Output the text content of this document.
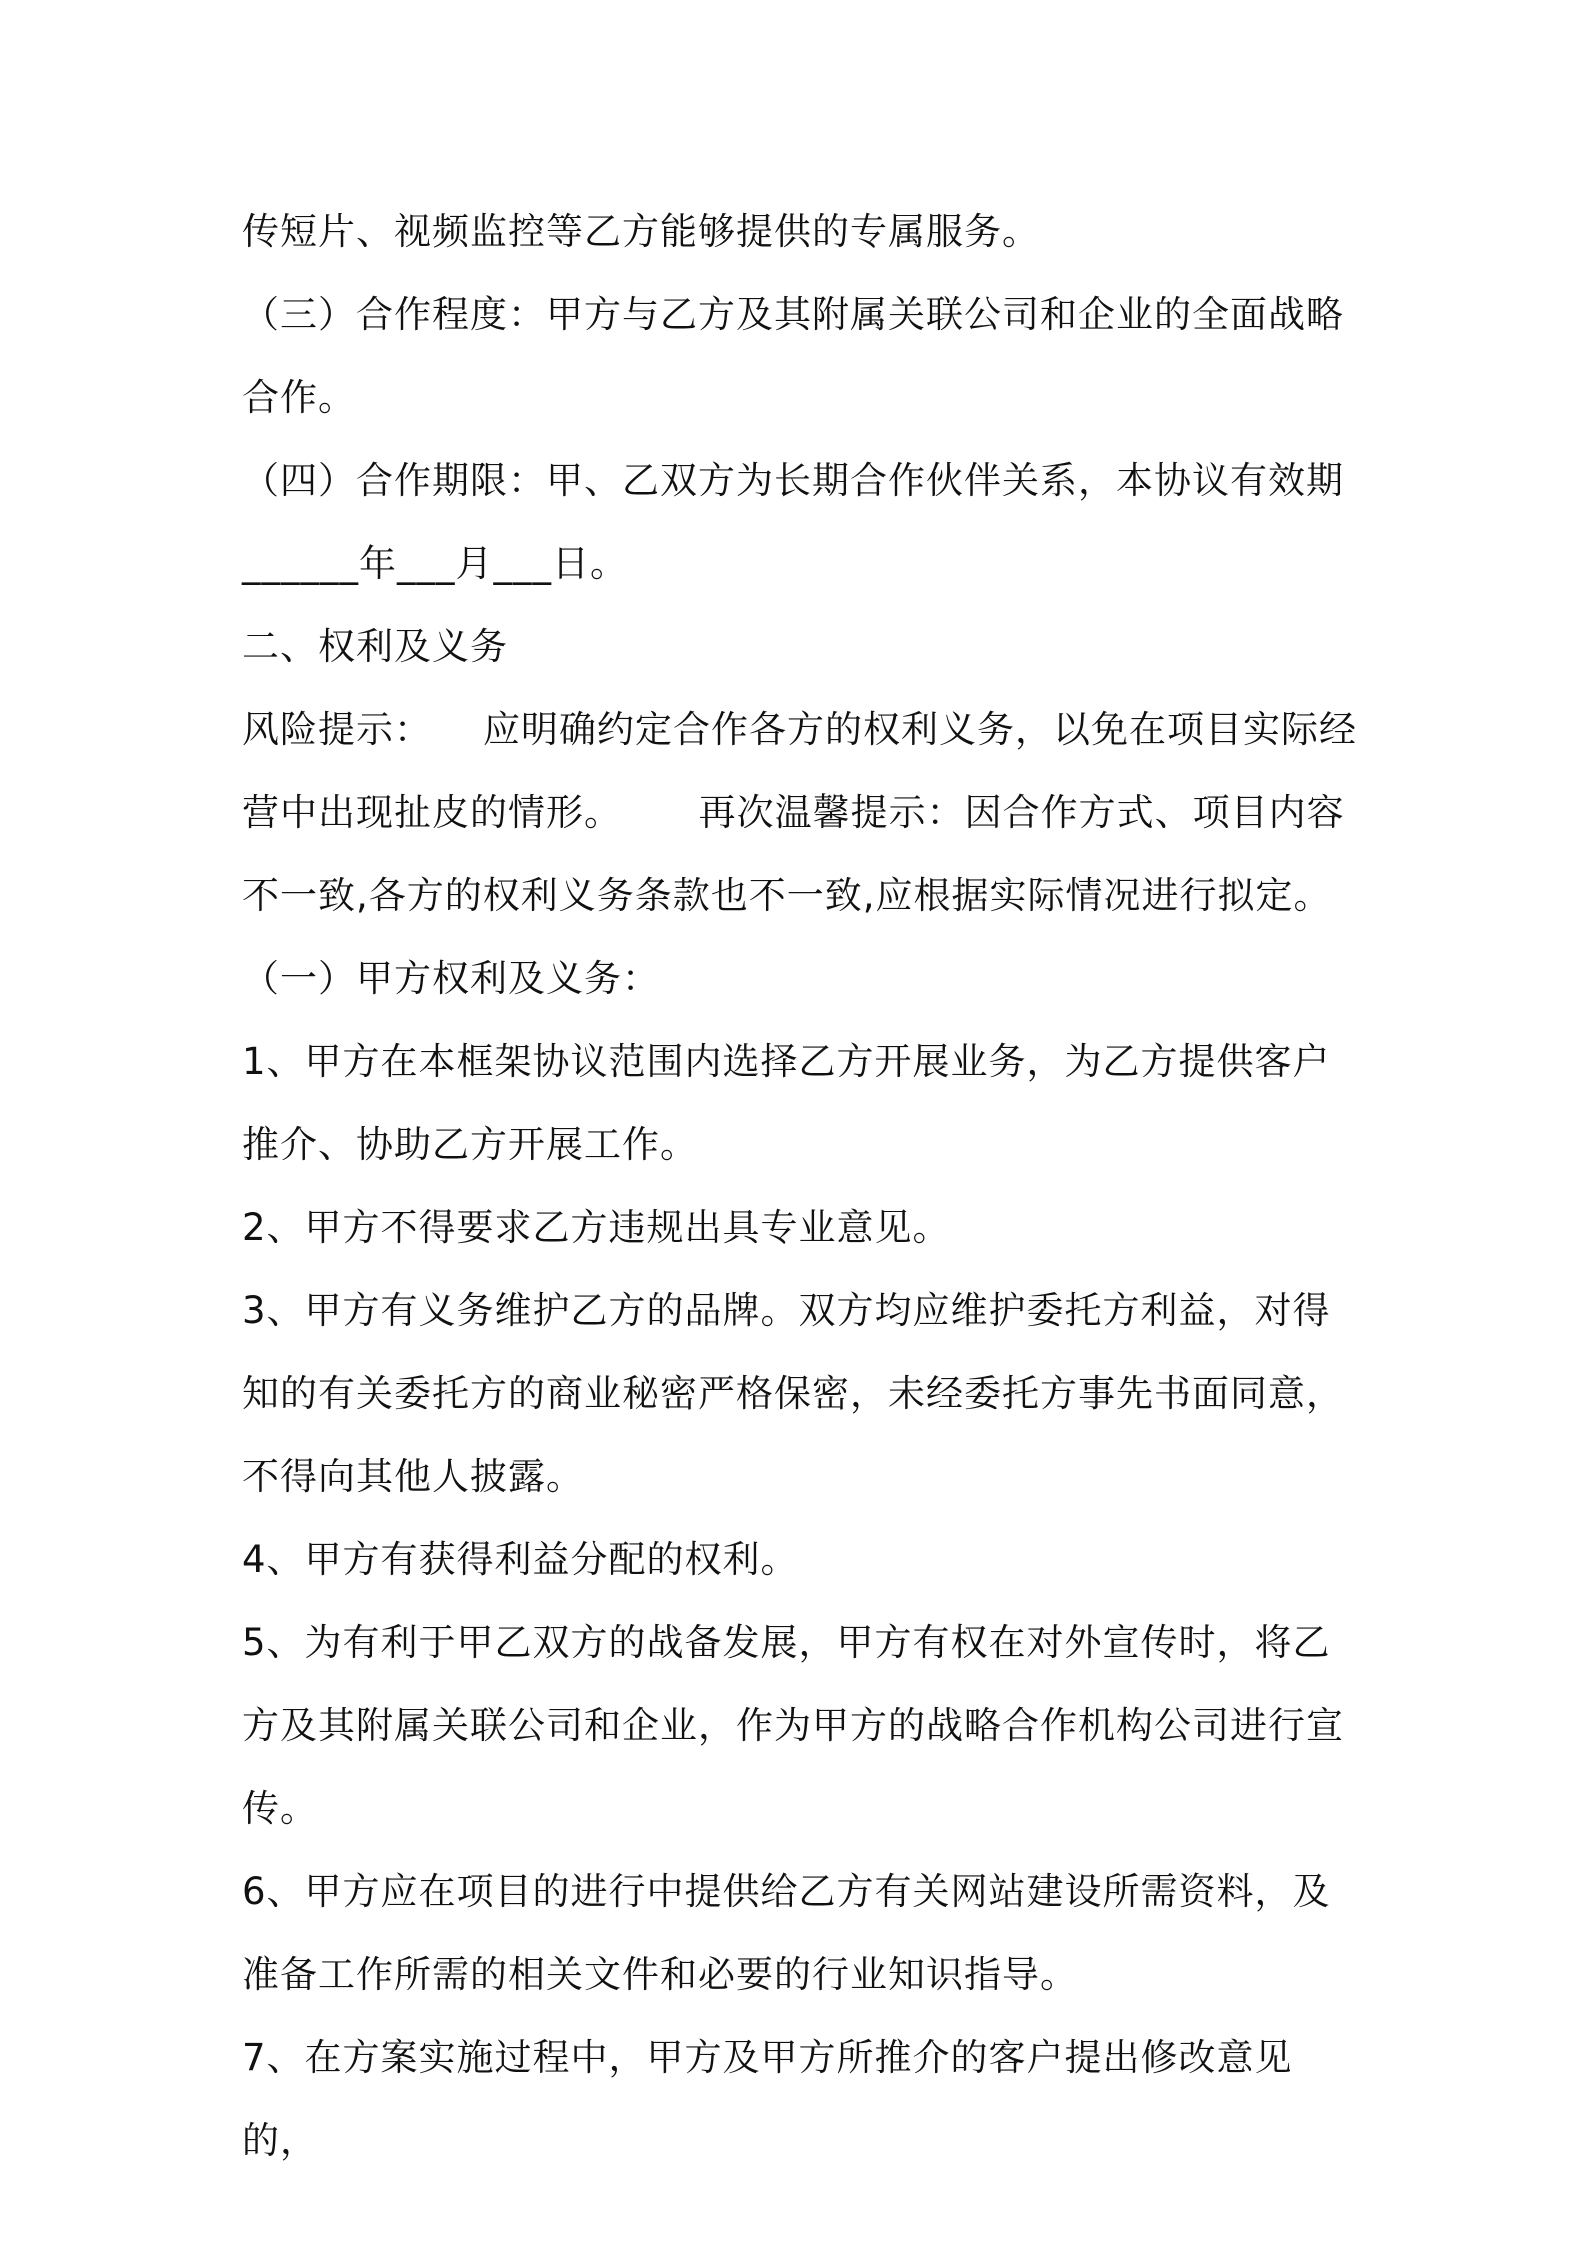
传短片、视频监控等乙方能够提供的专属服务。

（三）合作程度：甲方与乙方及其附属关联公司和企业的全面战略合作。

（四）合作期限：甲、乙双方为长期合作伙伴关系，本协议有效期______年___月___日。

二、权利及义务

风险提示：    应明确约定合作各方的权利义务，以免在项目实际经营中出现扯皮的情形。      再次温馨提示：因合作方式、项目内容不一致,各方的权利义务条款也不一致,应根据实际情况进行拟定。（一）甲方权利及义务：

1、甲方在本框架协议范围内选择乙方开展业务，为乙方提供客户推介、协助乙方开展工作。

2、甲方不得要求乙方违规出具专业意见。

3、甲方有义务维护乙方的品牌。双方均应维护委托方利益，对得知的有关委托方的商业秘密严格保密，未经委托方事先书面同意，不得向其他人披露。

4、甲方有获得利益分配的权利。

5、为有利于甲乙双方的战备发展，甲方有权在对外宣传时，将乙方及其附属关联公司和企业，作为甲方的战略合作机构公司进行宣传。

6、甲方应在项目的进行中提供给乙方有关网站建设所需资料，及准备工作所需的相关文件和必要的行业知识指导。

7、在方案实施过程中，甲方及甲方所推介的客户提出修改意见的，
